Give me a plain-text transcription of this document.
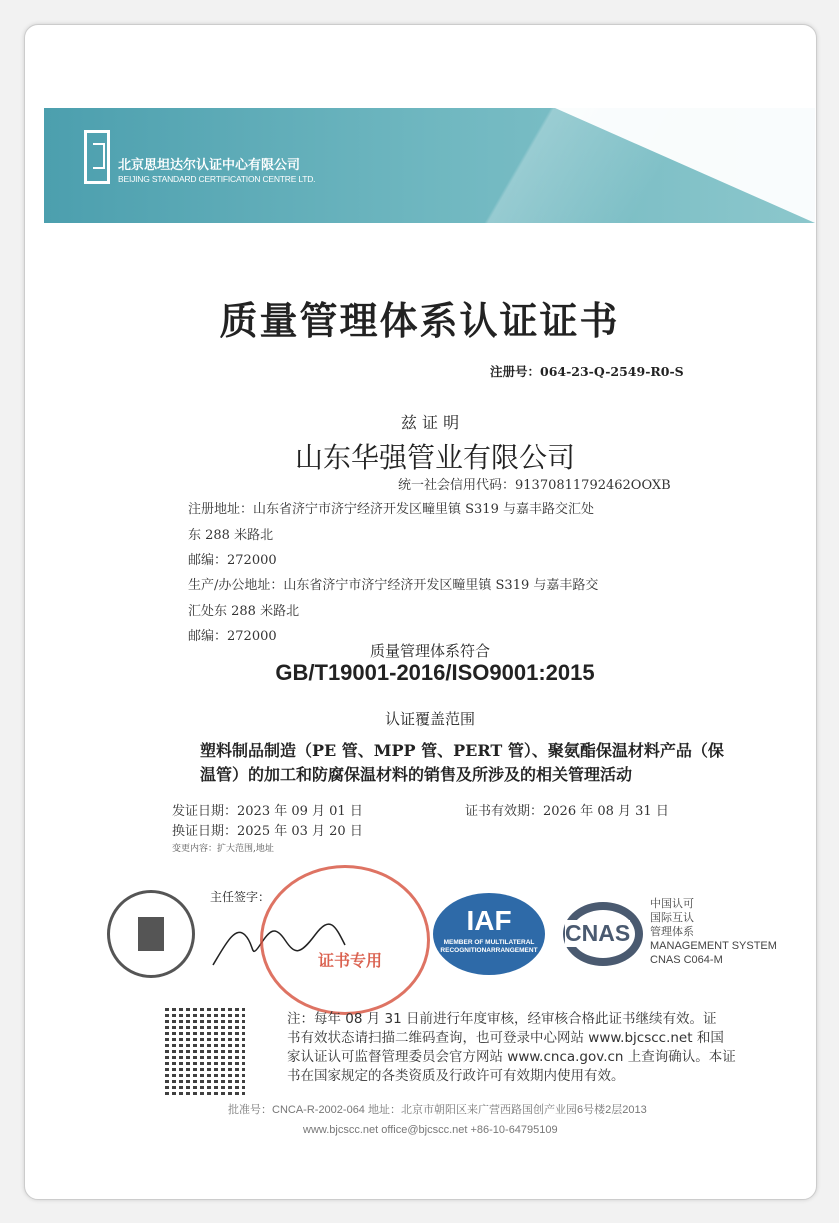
北京思坦达尔认证中心有限公司
BEIJING STANDARD CERTIFICATION CENTRE LTD.
质量管理体系认证证书
注册号：064-23-Q-2549-R0-S
兹 证 明
山东华强管业有限公司
统一社会信用代码：91370811792462OOXB
注册地址：山东省济宁市济宁经济开发区疃里镇 S319 与嘉丰路交汇处
东 288 米路北
邮编：272000
生产/办公地址：山东省济宁市济宁经济开发区疃里镇 S319 与嘉丰路交
汇处东 288 米路北
邮编：272000
质量管理体系符合
GB/T19001-2016/ISO9001:2015
认证覆盖范围
塑料制品制造（PE 管、MPP 管、PERT 管）、聚氨酯保温材料产品（保
温管）的加工和防腐保温材料的销售及所涉及的相关管理活动
发证日期：2023 年 09 月 01 日	证书有效期：2026 年 08 月 31 日
换证日期：2025 年 03 月 20 日
变更内容：扩大范围,地址
主任签字：
证书专用
IAF
MEMBER OF MULTILATERAL RECOGNITIONARRANGEMENT
CNAS
中国认可
国际互认
管理体系
MANAGEMENT SYSTEM
CNAS C064-M
注：每年 08 月 31 日前进行年度审核，经审核合格此证书继续有效。证
书有效状态请扫描二维码查询，也可登录中心网站 www.bjcscc.net 和国
家认证认可监督管理委员会官方网站 www.cnca.gov.cn 上查询确认。本证
书在国家规定的各类资质及行政许可有效期内使用有效。
批准号：CNCA-R-2002-064 地址：北京市朝阳区来广营西路国创产业园6号楼2层2013
www.bjcscc.net office@bjcscc.net +86-10-64795109
